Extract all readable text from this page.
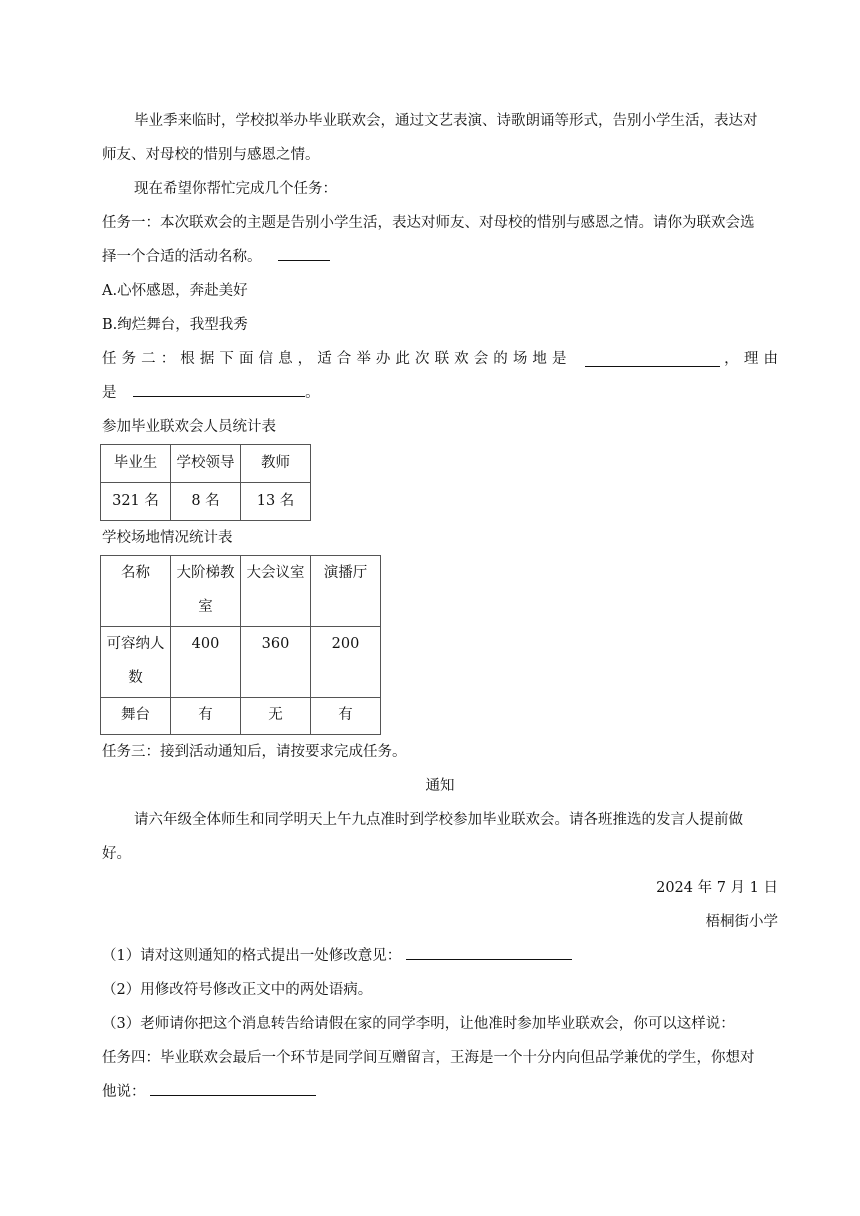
毕业季来临时，学校拟举办毕业联欢会，通过文艺表演、诗歌朗诵等形式，告别小学生活，表达对
师友、对母校的惜别与感恩之情。
现在希望你帮忙完成几个任务：
任务一：本次联欢会的主题是告别小学生活，表达对师友、对母校的惜别与感恩之情。请你为联欢会选
择一个合适的活动名称。
A.心怀感恩，奔赴美好
B.绚烂舞台，我型我秀
任 务 二 ： 根 据 下 面 信 息 ， 适 合 举 办 此 次 联 欢 会 的 场 地 是	， 理 由
是	。
参加毕业联欢会人员统计表
毕业生	学校领导	教师
321 名	8 名	13 名
学校场地情况统计表
名称	大阶梯教室	大会议室	演播厅
可容纳人数	400	360	200
舞台	有	无	有
任务三：接到活动通知后，请按要求完成任务。
通知
请六年级全体师生和同学明天上午九点准时到学校参加毕业联欢会。请各班推选的发言人提前做
好。
2024 年 7 月 1 日
梧桐街小学
（1）请对这则通知的格式提出一处修改意见：
（2）用修改符号修改正文中的两处语病。
（3）老师请你把这个消息转告给请假在家的同学李明，让他准时参加毕业联欢会，你可以这样说：
任务四：毕业联欢会最后一个环节是同学间互赠留言，王海是一个十分内向但品学兼优的学生，你想对
他说：
